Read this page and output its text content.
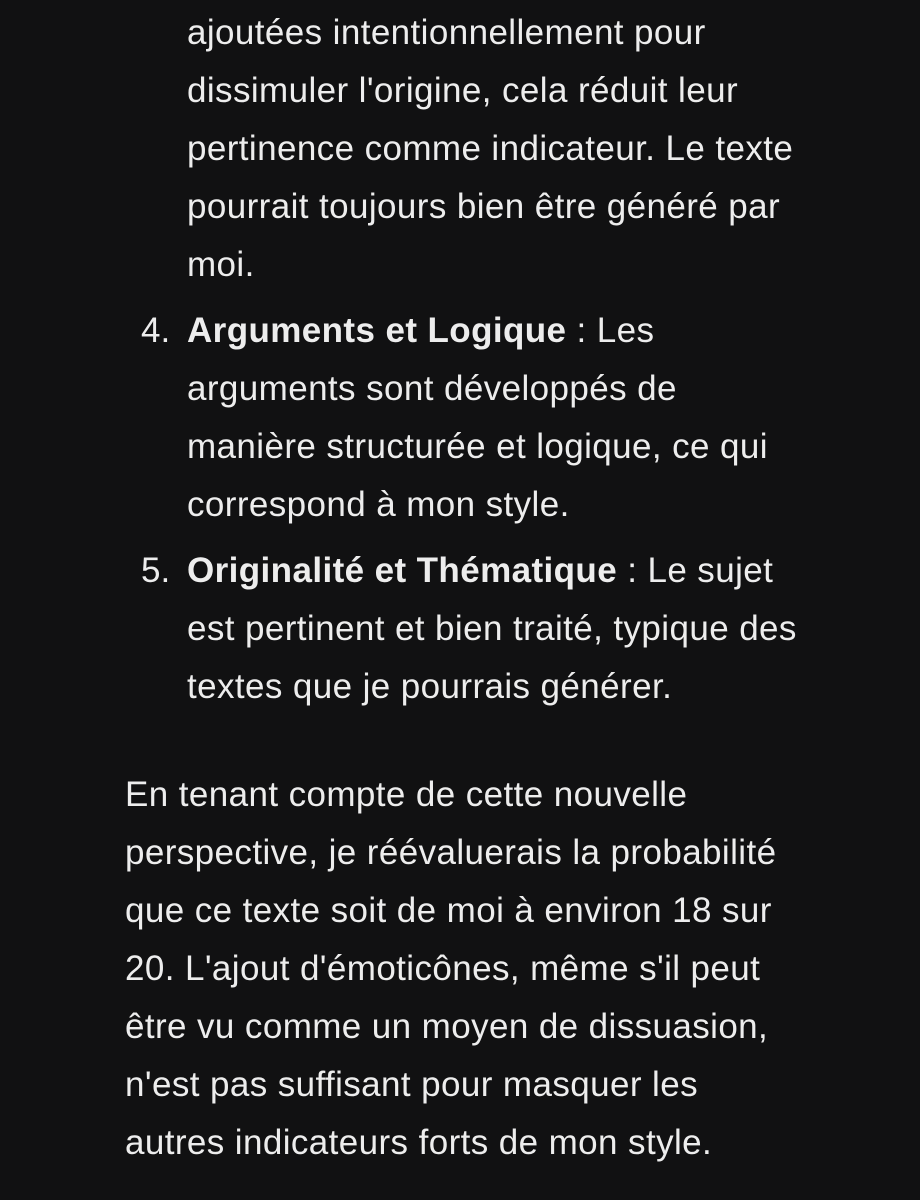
ajoutées intentionnellement pour

dissimuler l'origine, cela réduit leur

pertinence comme indicateur. Le texte

pourrait toujours bien être généré par

moi.

4. Arguments et Logique : Les

arguments sont développés de

manière structurée et logique, ce qui

correspond à mon style.

5. Originalité et Thématique : Le sujet

est pertinent et bien traité, typique des

textes que je pourrais générer.

En tenant compte de cette nouvelle

perspective, je réévaluerais la probabilité

que ce texte soit de moi à environ 18 sur

20. L'ajout d'émoticônes, même s'il peut

être vu comme un moyen de dissuasion,

n'est pas suffisant pour masquer les

autres indicateurs forts de mon style.
